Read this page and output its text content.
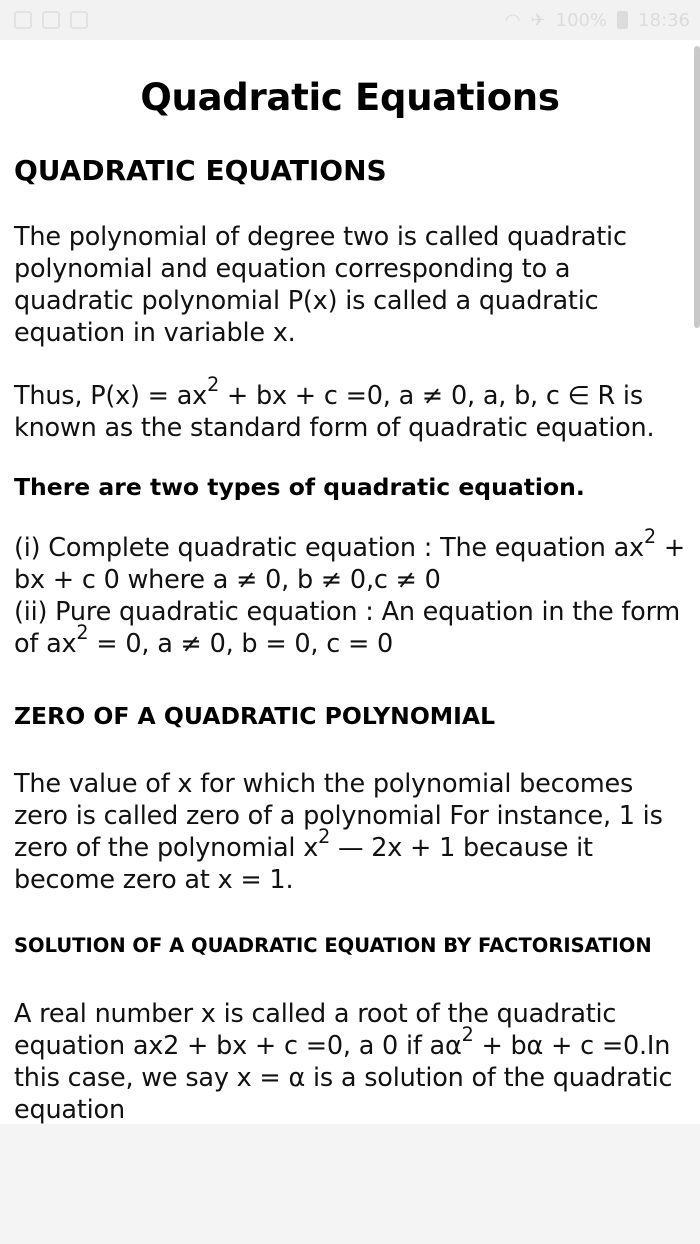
◠ ✈ 100% 18:36
Quadratic Equations
QUADRATIC EQUATIONS

The polynomial of degree two is called quadratic polynomial and equation corresponding to a quadratic polynomial P(x) is called a quadratic equation in variable x.

Thus, $P(x) = ax^2$ + bx + c =0, a ≠ 0, a, b, c ∈ R is known as the standard form of quadratic equation.

There are two types of quadratic equation.

(i) Complete quadratic equation : The equation $ax^2$ + bx + c 0 where a ≠ 0, b ≠ 0,c ≠ 0

(ii) Pure quadratic equation : An equation in the form of $ax^2 = 0$, a ≠ 0, b = 0, c = 0

ZERO OF A QUADRATIC POLYNOMIAL

The value of x for which the polynomial becomes zero is called zero of a polynomial For instance, 1 is zero of the polynomial $x^2$ — 2x + 1 because it become zero at x = 1.

SOLUTION OF A QUADRATIC EQUATION BY FACTORISATION

A real number x is called a root of the quadratic equation ax2 + bx + c =0, a 0 if $a\alpha^2 + b\alpha + c =0.In$ this case, we say x = α is a solution of the quadratic equation
